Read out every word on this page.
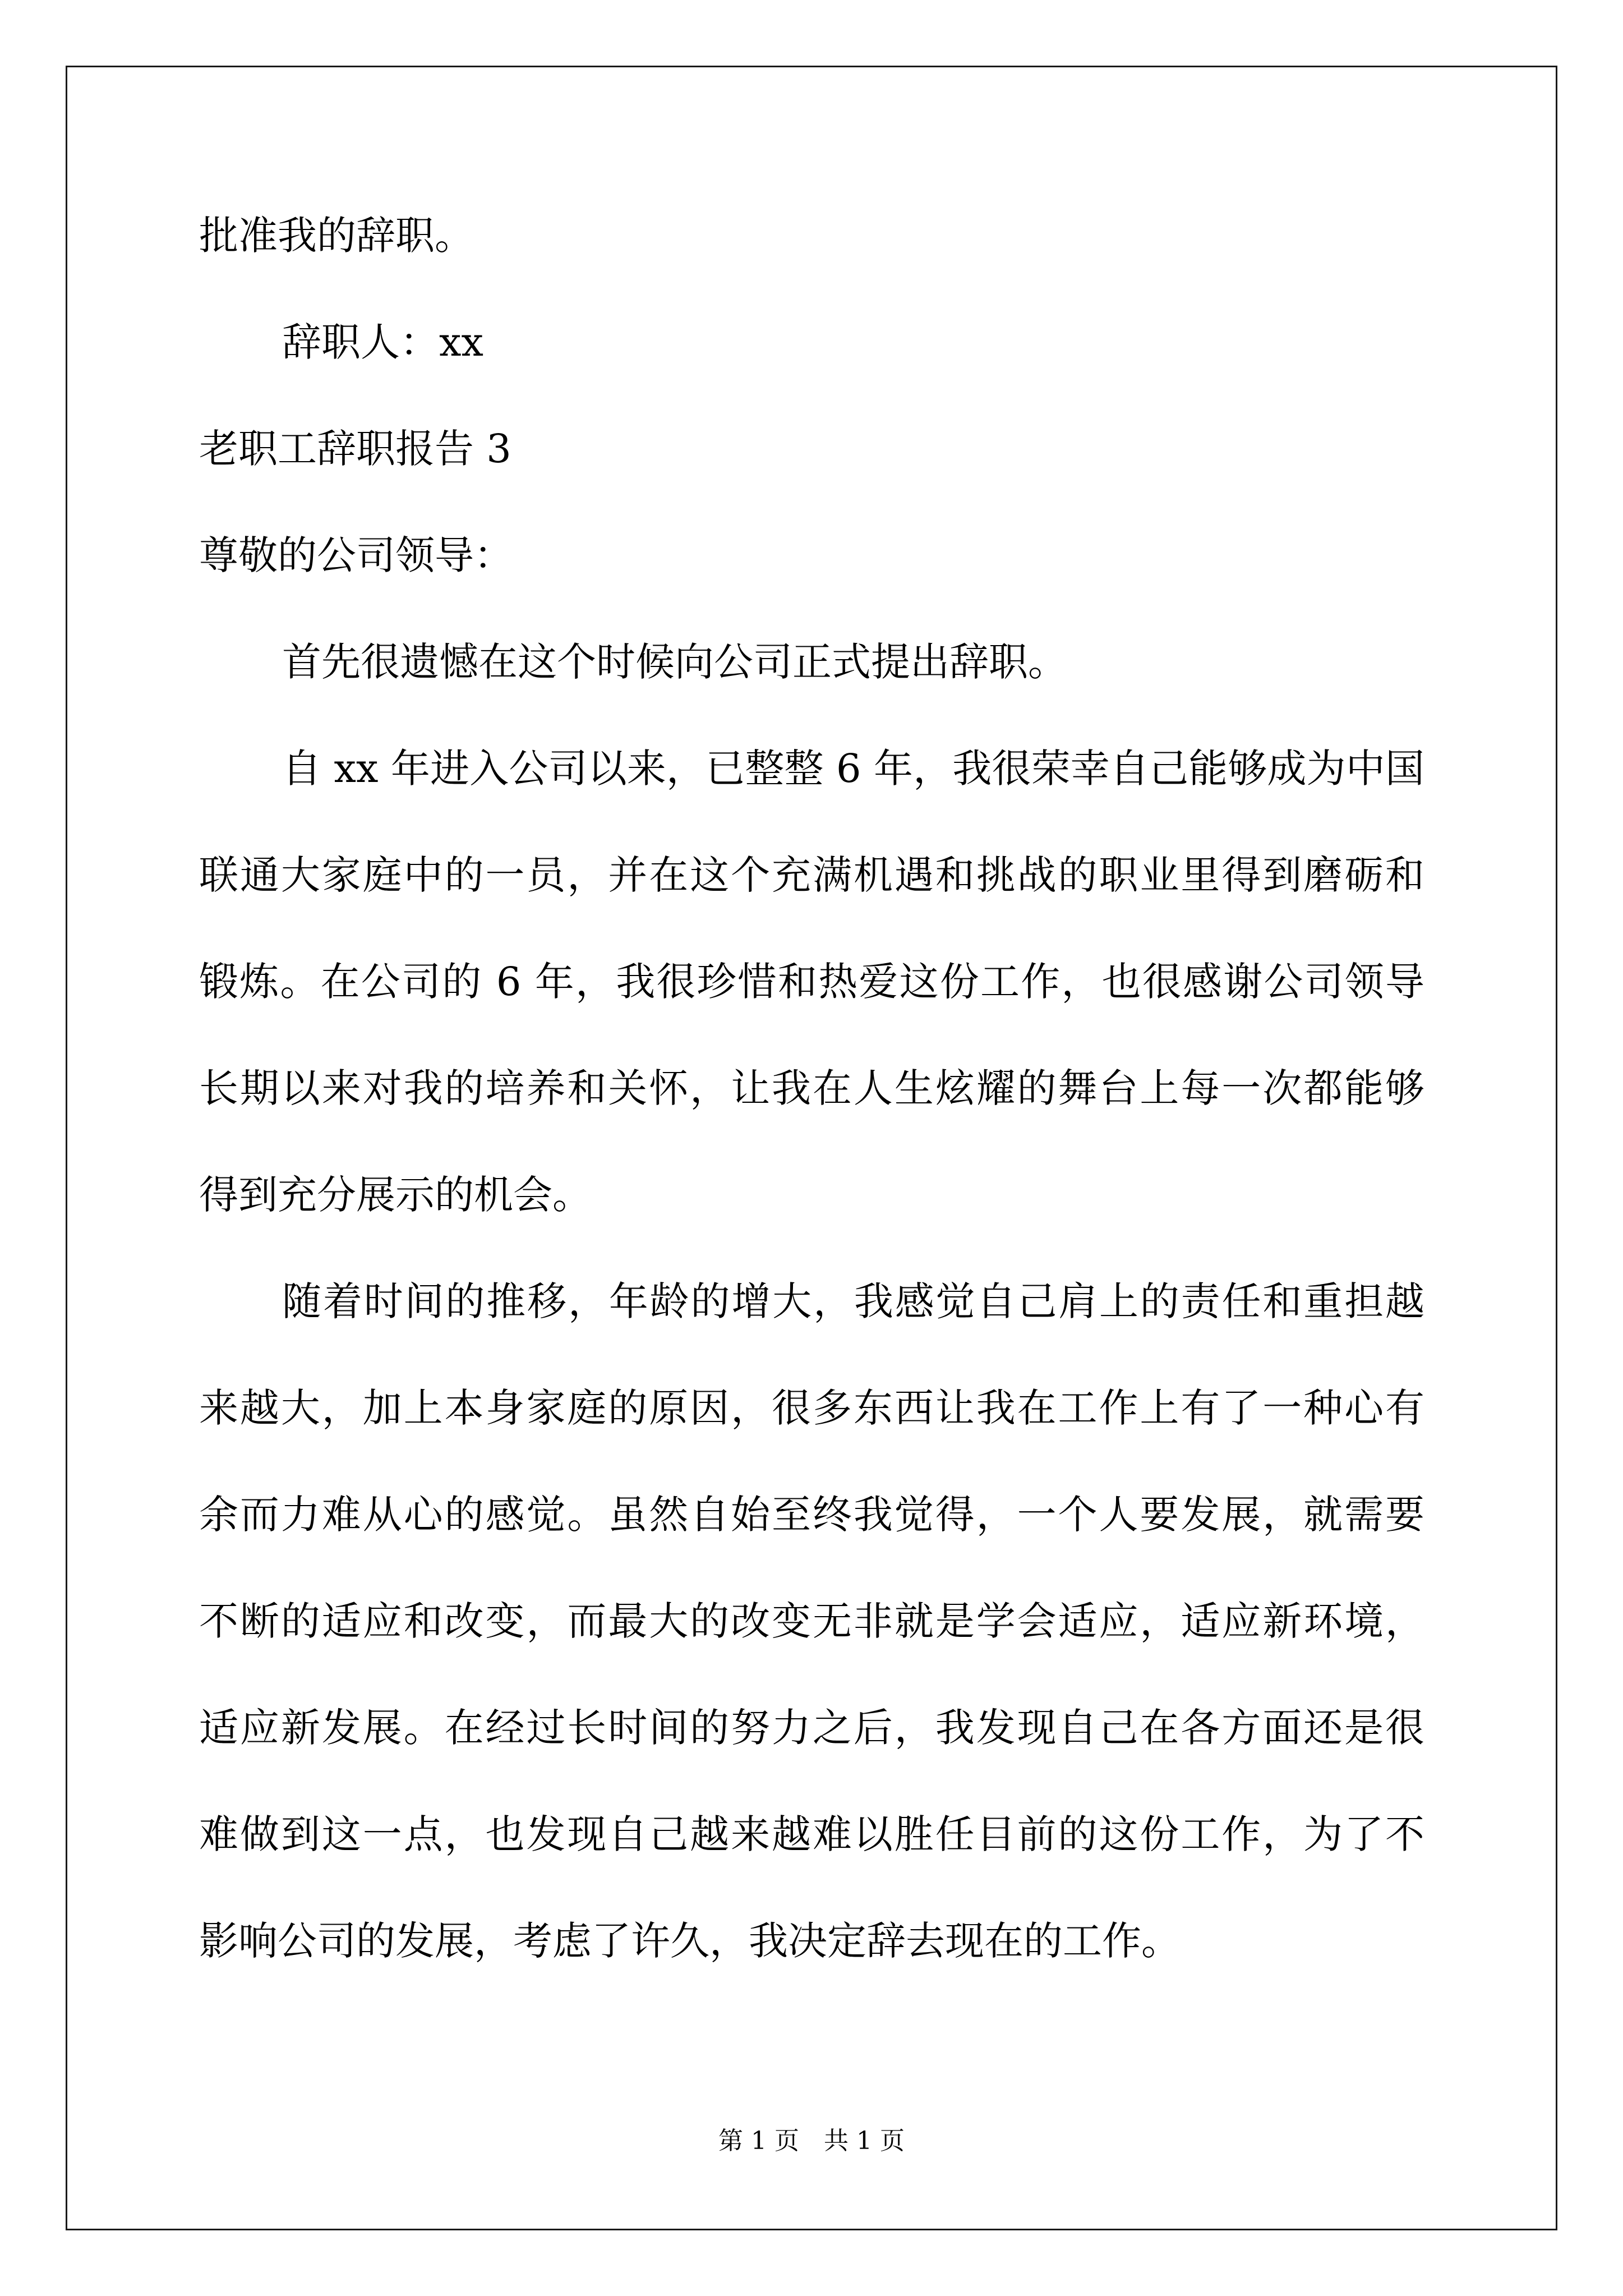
批准我的辞职。
辞职人：xx
老职工辞职报告 3
尊敬的公司领导：
首先很遗憾在这个时候向公司正式提出辞职。
自 xx 年进入公司以来，已整整 6 年，我很荣幸自己能够成为中国
联通大家庭中的一员，并在这个充满机遇和挑战的职业里得到磨砺和
锻炼。在公司的 6 年，我很珍惜和热爱这份工作，也很感谢公司领导
长期以来对我的培养和关怀，让我在人生炫耀的舞台上每一次都能够
得到充分展示的机会。
随着时间的推移，年龄的增大，我感觉自己肩上的责任和重担越
来越大，加上本身家庭的原因，很多东西让我在工作上有了一种心有
余而力难从心的感觉。虽然自始至终我觉得，一个人要发展，就需要
不断的适应和改变，而最大的改变无非就是学会适应，适应新环境，
适应新发展。在经过长时间的努力之后，我发现自己在各方面还是很
难做到这一点，也发现自己越来越难以胜任目前的这份工作，为了不
影响公司的发展，考虑了许久，我决定辞去现在的工作。
第 1 页　共 1 页
